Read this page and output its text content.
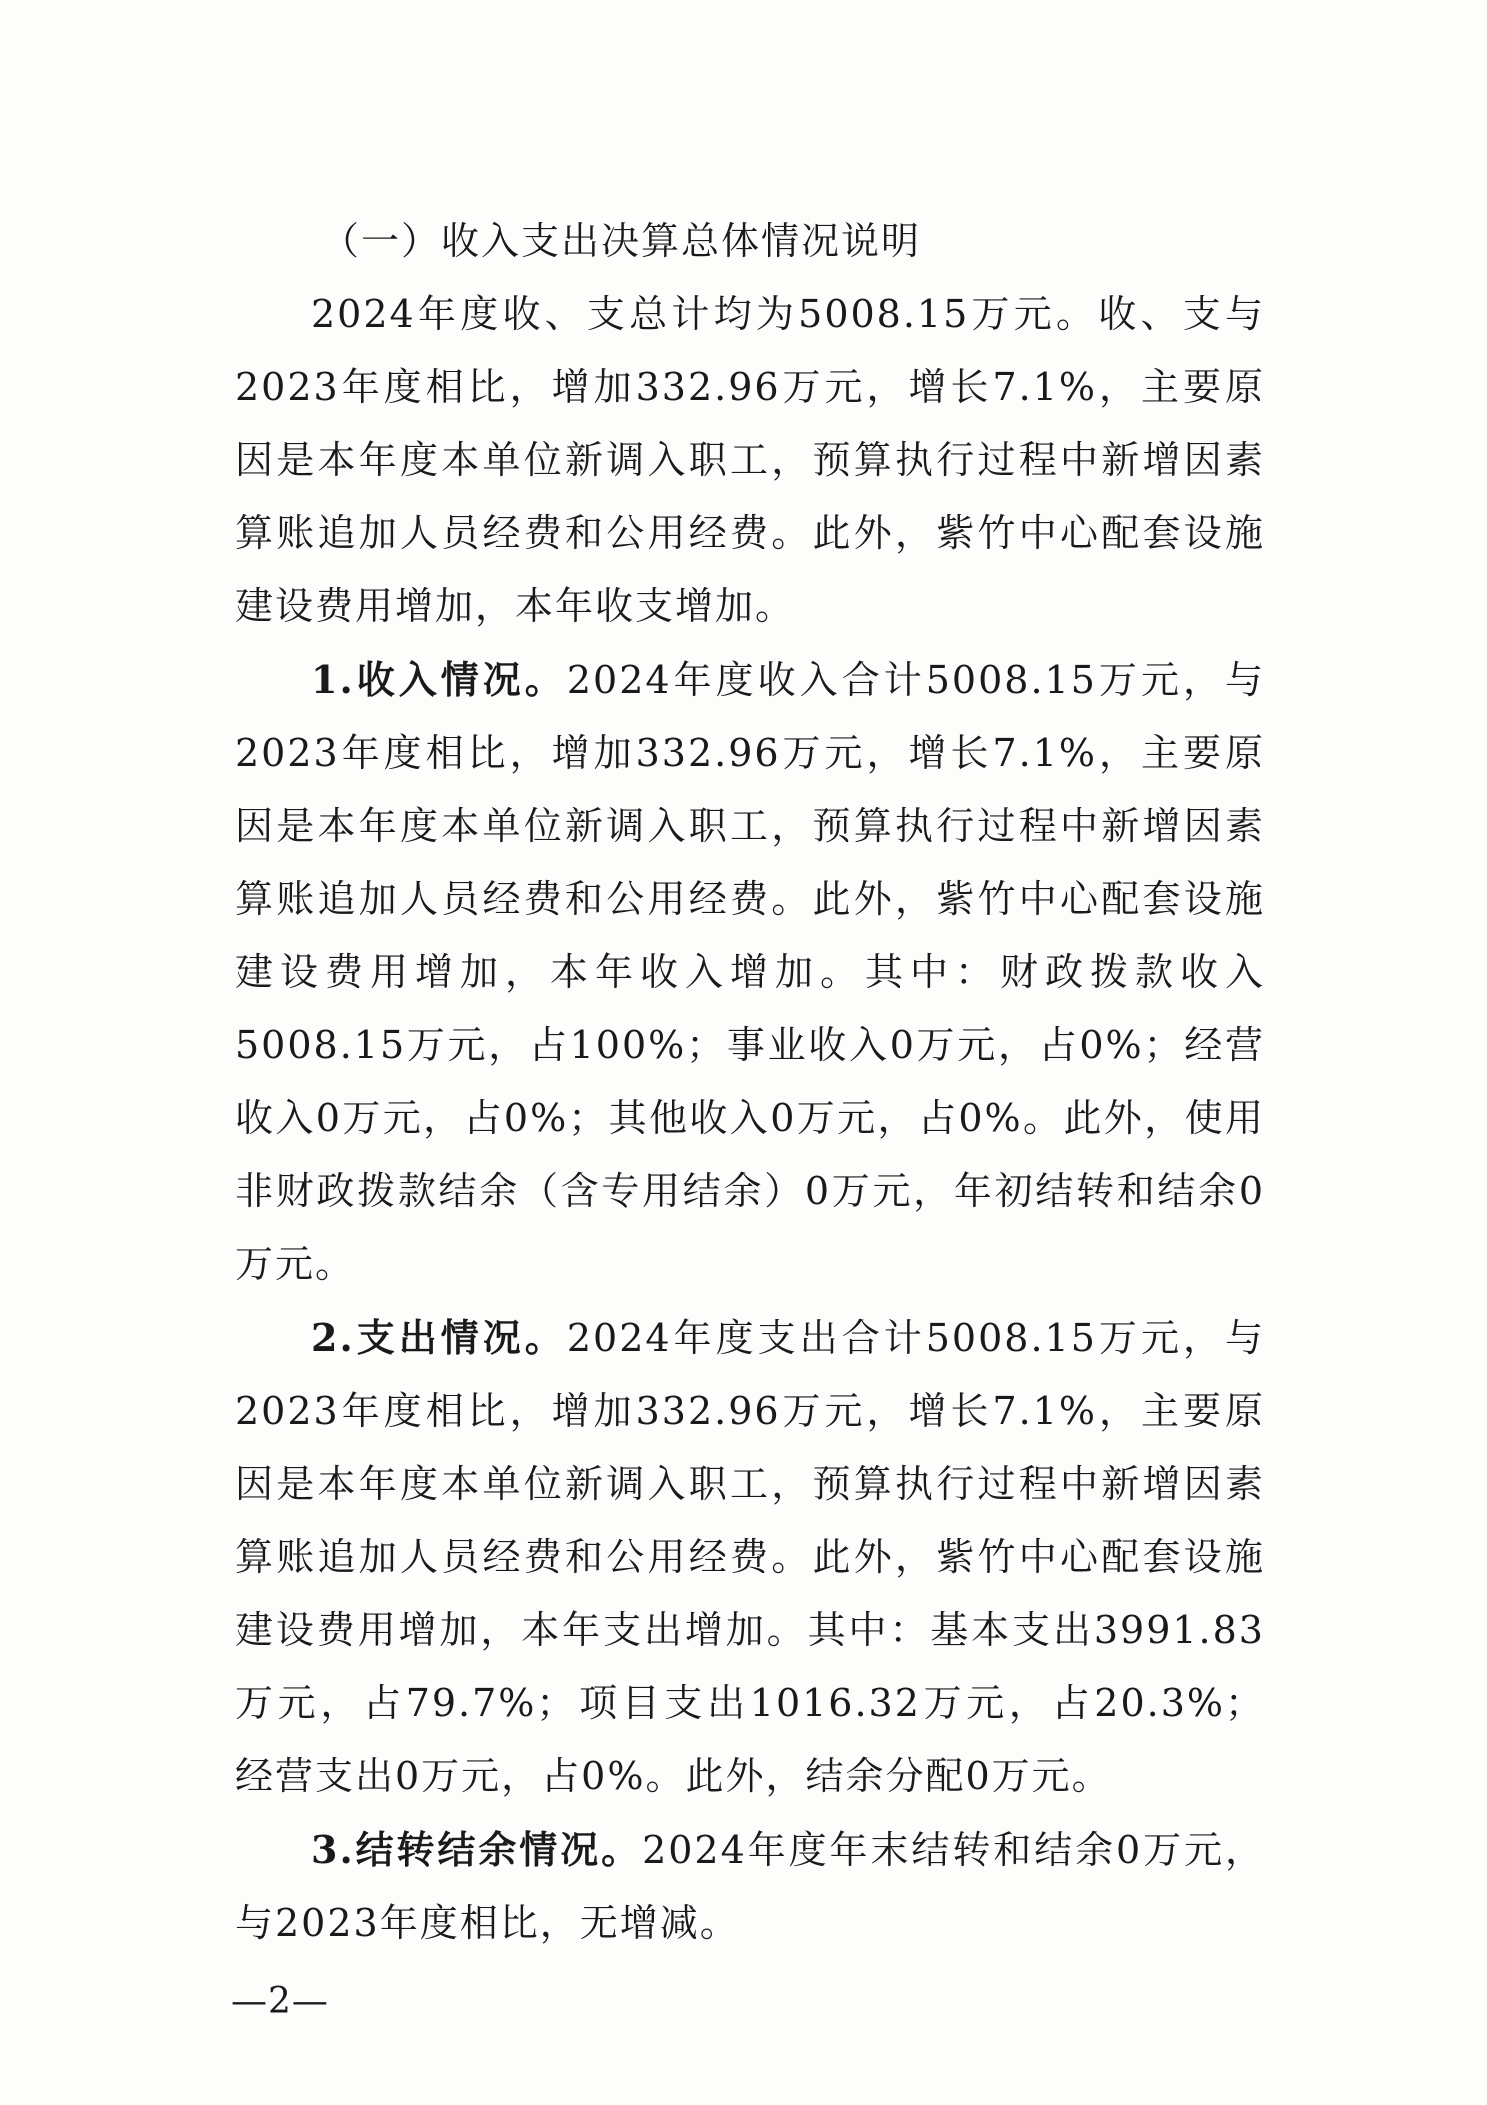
（一）收入支出决算总体情况说明

2024年度收、支总计均为5008.15万元。收、支与2023年度相比，增加332.96万元，增长7.1%，主要原因是本年度本单位新调入职工，预算执行过程中新增因素算账追加人员经费和公用经费。此外，紫竹中心配套设施建设费用增加，本年收支增加。

1.收入情况。2024年度收入合计5008.15万元，与2023年度相比，增加332.96万元，增长7.1%，主要原因是本年度本单位新调入职工，预算执行过程中新增因素算账追加人员经费和公用经费。此外，紫竹中心配套设施建设费用增加，本年收入增加。其中：财政拨款收入5008.15万元，占100%；事业收入0万元，占0%；经营收入0万元，占0%；其他收入0万元，占0%。此外，使用非财政拨款结余（含专用结余）0万元，年初结转和结余0万元。

2.支出情况。2024年度支出合计5008.15万元，与2023年度相比，增加332.96万元，增长7.1%，主要原因是本年度本单位新调入职工，预算执行过程中新增因素算账追加人员经费和公用经费。此外，紫竹中心配套设施建设费用增加，本年支出增加。其中：基本支出3991.83万元，占79.7%；项目支出1016.32万元，占20.3%；经营支出0万元，占0%。此外，结余分配0万元。

3.结转结余情况。2024年度年末结转和结余0万元，与2023年度相比，无增减。

—2—
